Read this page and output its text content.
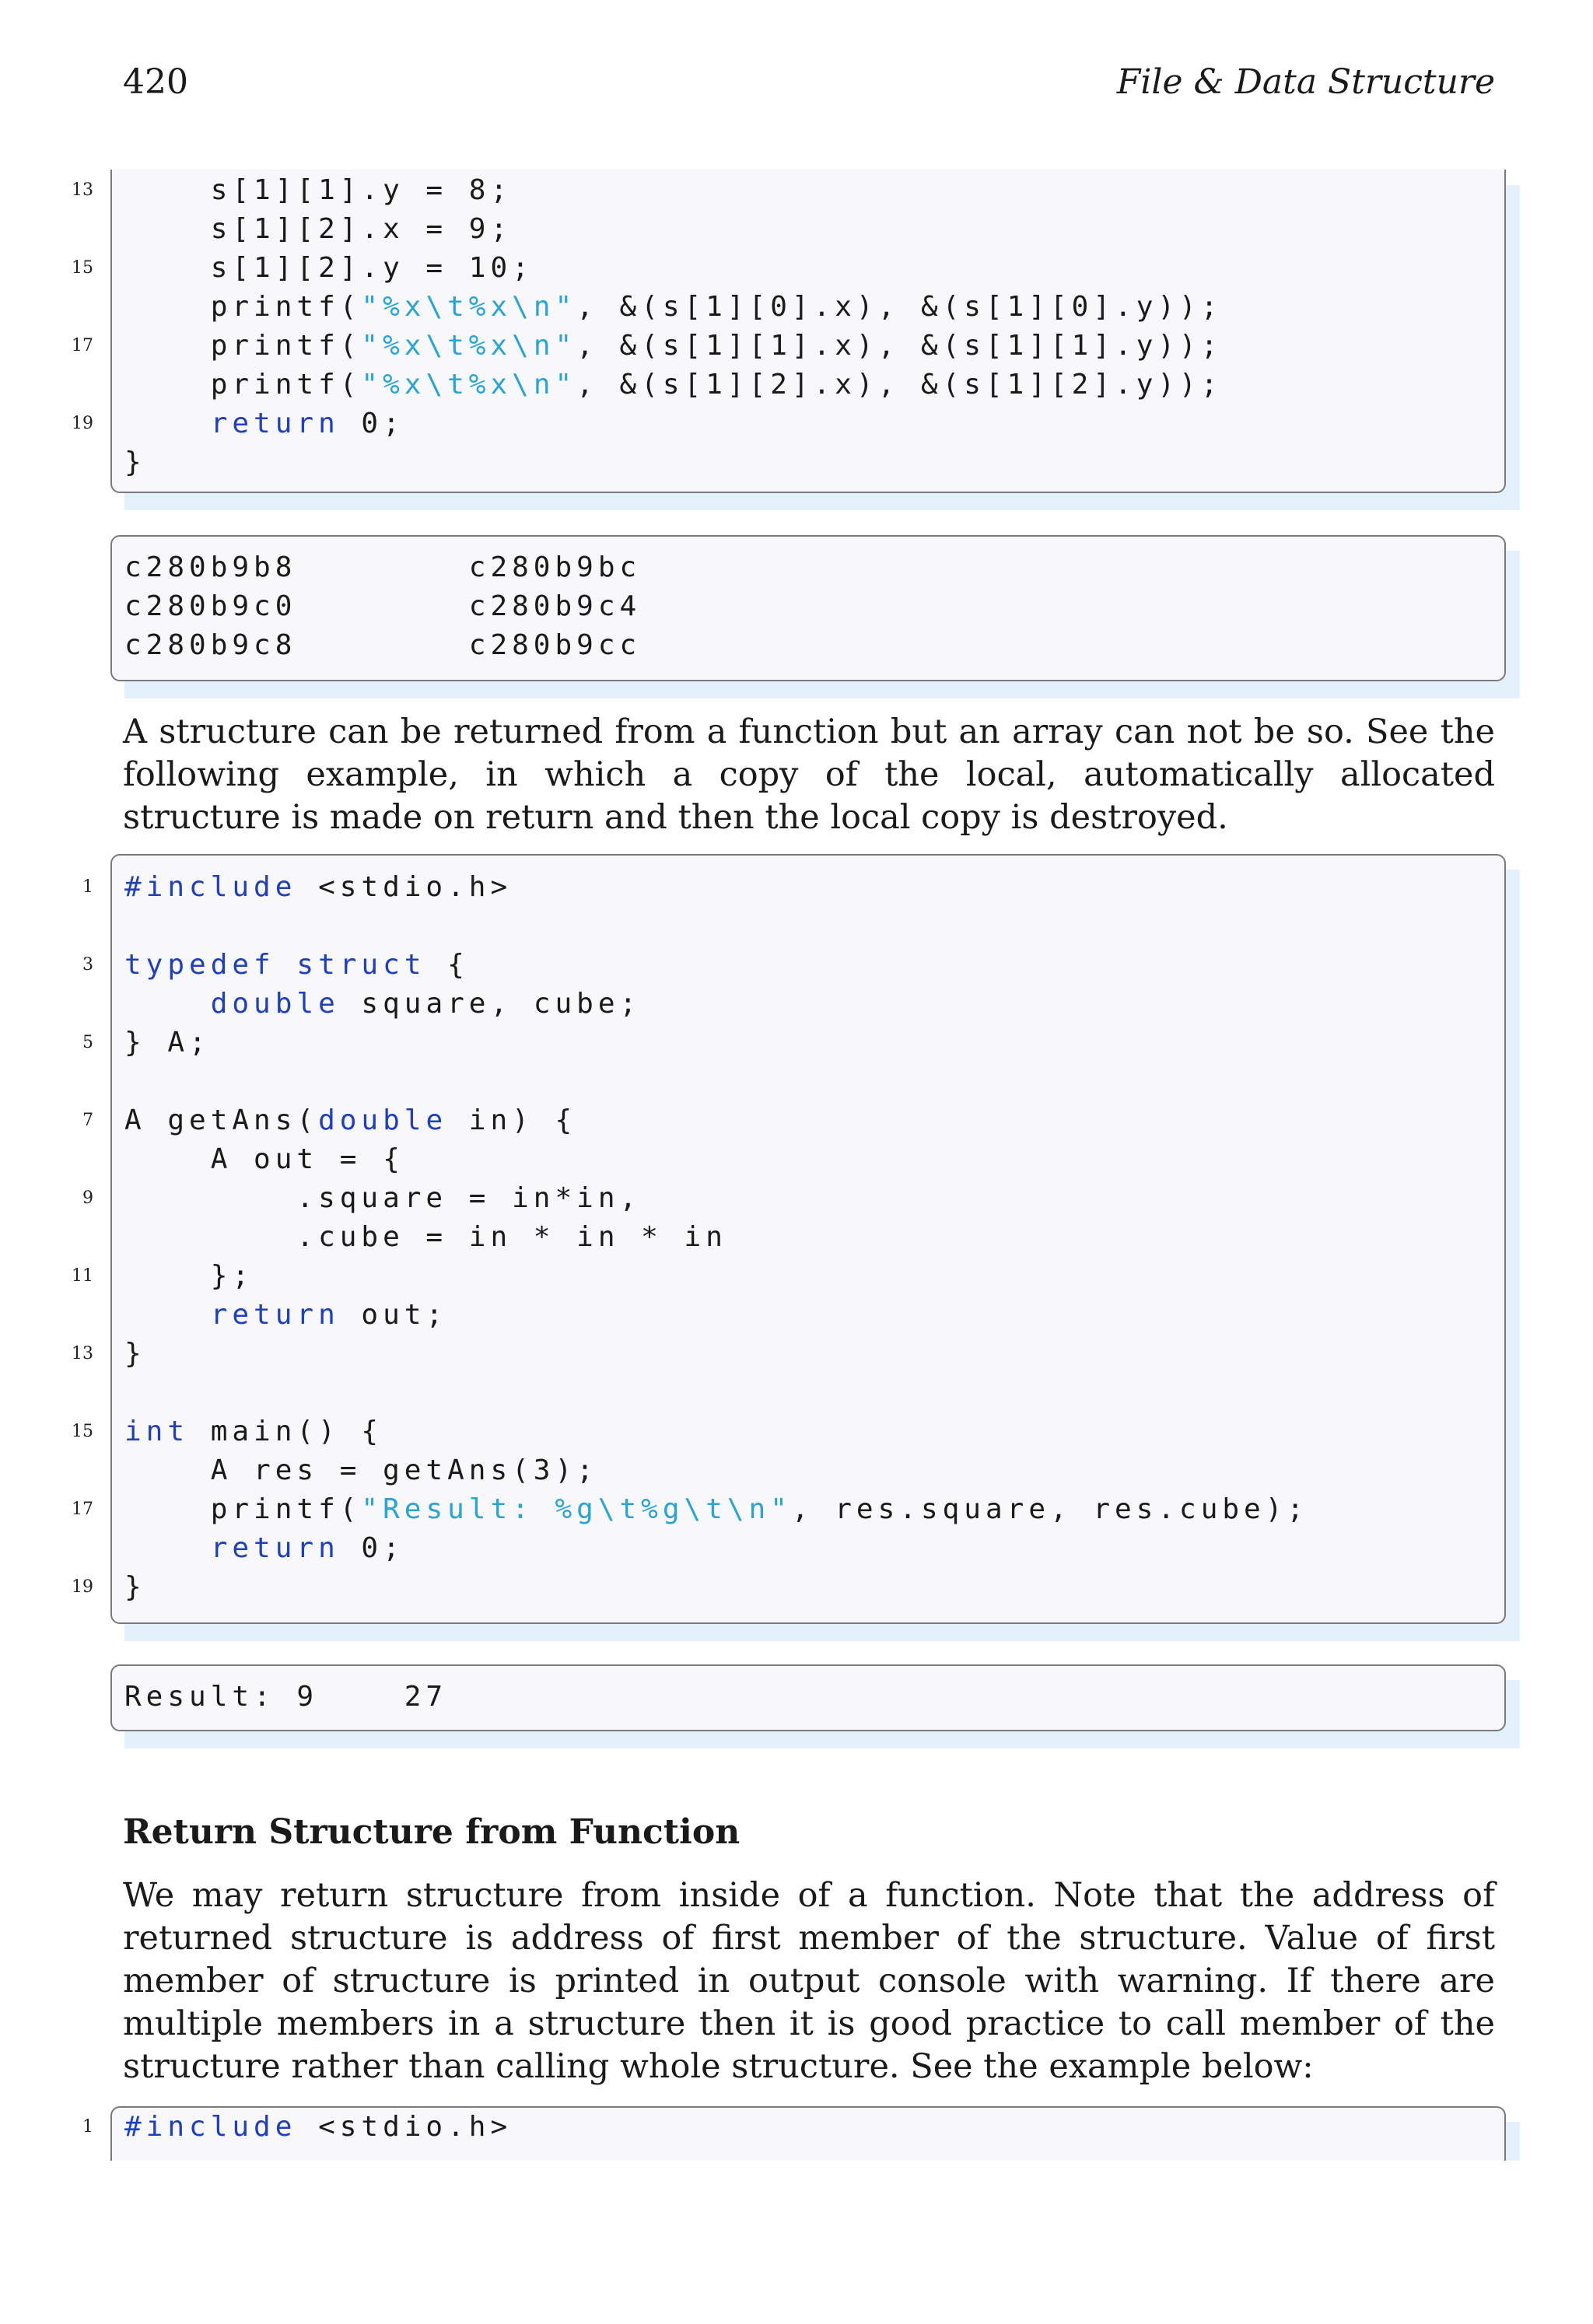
420	File & Data Structure
13 s[1][1].y = 8;
s[1][2].x = 9;
15 s[1][2].y = 10;
printf("%x\t%x\n", &(s[1][0].x), &(s[1][0].y));
17 printf("%x\t%x\n", &(s[1][1].x), &(s[1][1].y));
printf("%x\t%x\n", &(s[1][2].x), &(s[1][2].y));
19	return 0;
}
c280b9b8        c280b9bc
c280b9c0        c280b9c4
c280b9c8        c280b9cc
A structure can be returned from a function but an array can not be so. See the following example, in which a copy of the local, automatically allocated structure is made on return and then the local copy is destroyed.
1 #include <stdio.h>
3 typedef struct {
double square, cube;
5 } A;
7 A getAns(double in) {
A out = {
9 .square = in*in,
.cube = in * in * in
11 };
return out;
13 }
15 int main() {
A res = getAns(3);
17 printf("Result: %g\t%g\t\n", res.square, res.cube);
return 0;
19 }
Result: 9    27
Return Structure from Function
We may return structure from inside of a function. Note that the address of returned structure is address of first member of the structure. Value of first member of structure is printed in output console with warning. If there are multiple members in a structure then it is good practice to call member of the structure rather than calling whole structure. See the example below:
1 #include <stdio.h>
